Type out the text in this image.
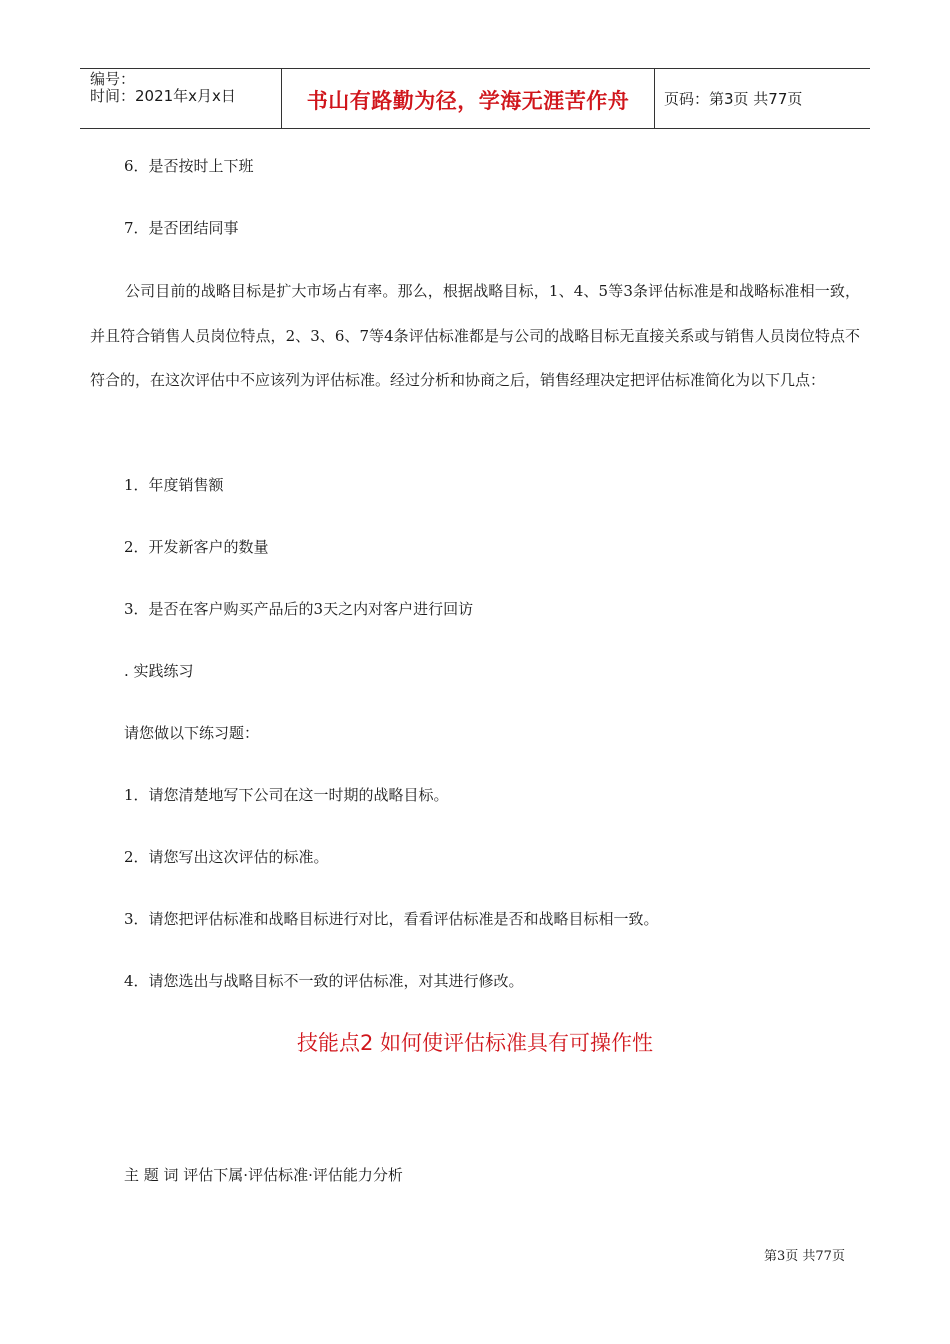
编号：
时间：2021年x月x日	书山有路勤为径，学海无涯苦作舟 页码：第3页 共77页
6．是否按时上下班
7．是否团结同事
公司目前的战略目标是扩大市场占有率。那么，根据战略目标，1、4、5等3条评估标准是和战略标准相一致，并且符合销售人员岗位特点，2、3、6、7等4条评估标准都是与公司的战略目标无直接关系或与销售人员岗位特点不符合的，在这次评估中不应该列为评估标准。经过分析和协商之后，销售经理决定把评估标准简化为以下几点：
1．年度销售额
2．开发新客户的数量
3．是否在客户购买产品后的3天之内对客户进行回访
. 实践练习
请您做以下练习题：
1．请您清楚地写下公司在这一时期的战略目标。
2．请您写出这次评估的标准。
3．请您把评估标准和战略目标进行对比，看看评估标准是否和战略目标相一致。
4．请您选出与战略目标不一致的评估标准，对其进行修改。
技能点2 如何使评估标准具有可操作性
主 题 词 评估下属·评估标准·评估能力分析
第3页 共77页
